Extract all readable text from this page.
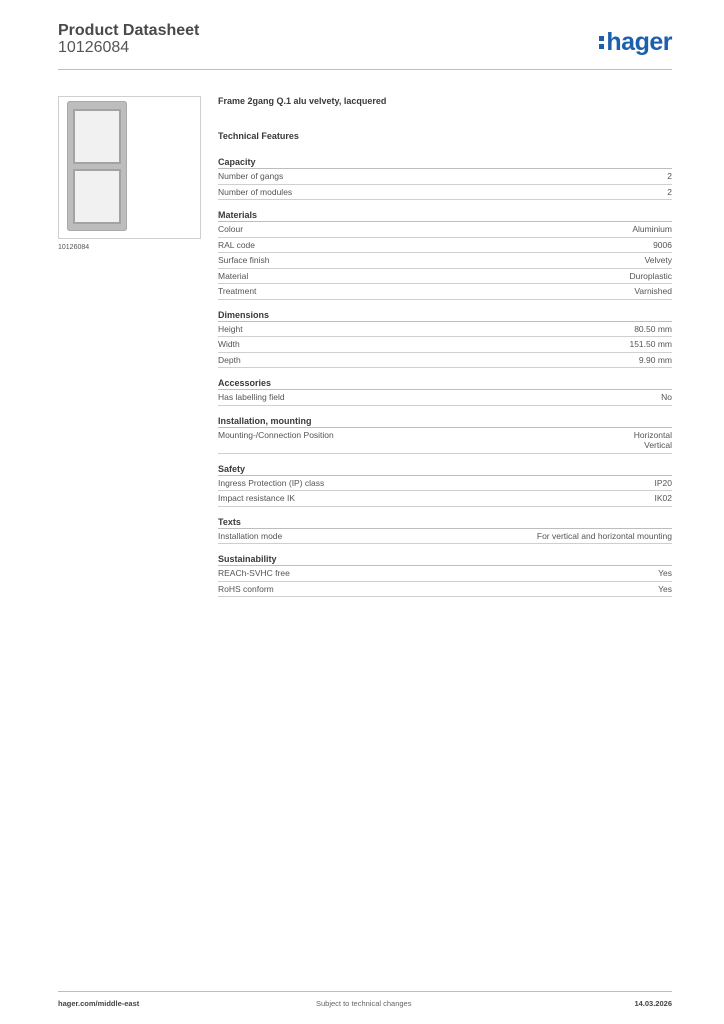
Product Datasheet
10126084	hager
10126084
Frame 2gang Q.1 alu velvety, lacquered
Technical Features
Capacity
Number of gangs	2
Number of modules	2
Materials
Colour	Aluminium
RAL code	9006
Surface finish	Velvety
Material	Duroplastic
Treatment	Varnished
Dimensions
Height	80.50 mm
Width	151.50 mm
Depth	9.90 mm
Accessories
Has labelling field	No
Installation, mounting
Mounting-/Connection Position	Horizontal
Vertical
Safety
Ingress Protection (IP) class	IP20
Impact resistance IK	IK02
Texts
Installation mode	For vertical and horizontal mounting
Sustainability
REACh-SVHC free	Yes
RoHS conform	Yes
hager.com/middle-east	Subject to technical changes	14.03.2026
